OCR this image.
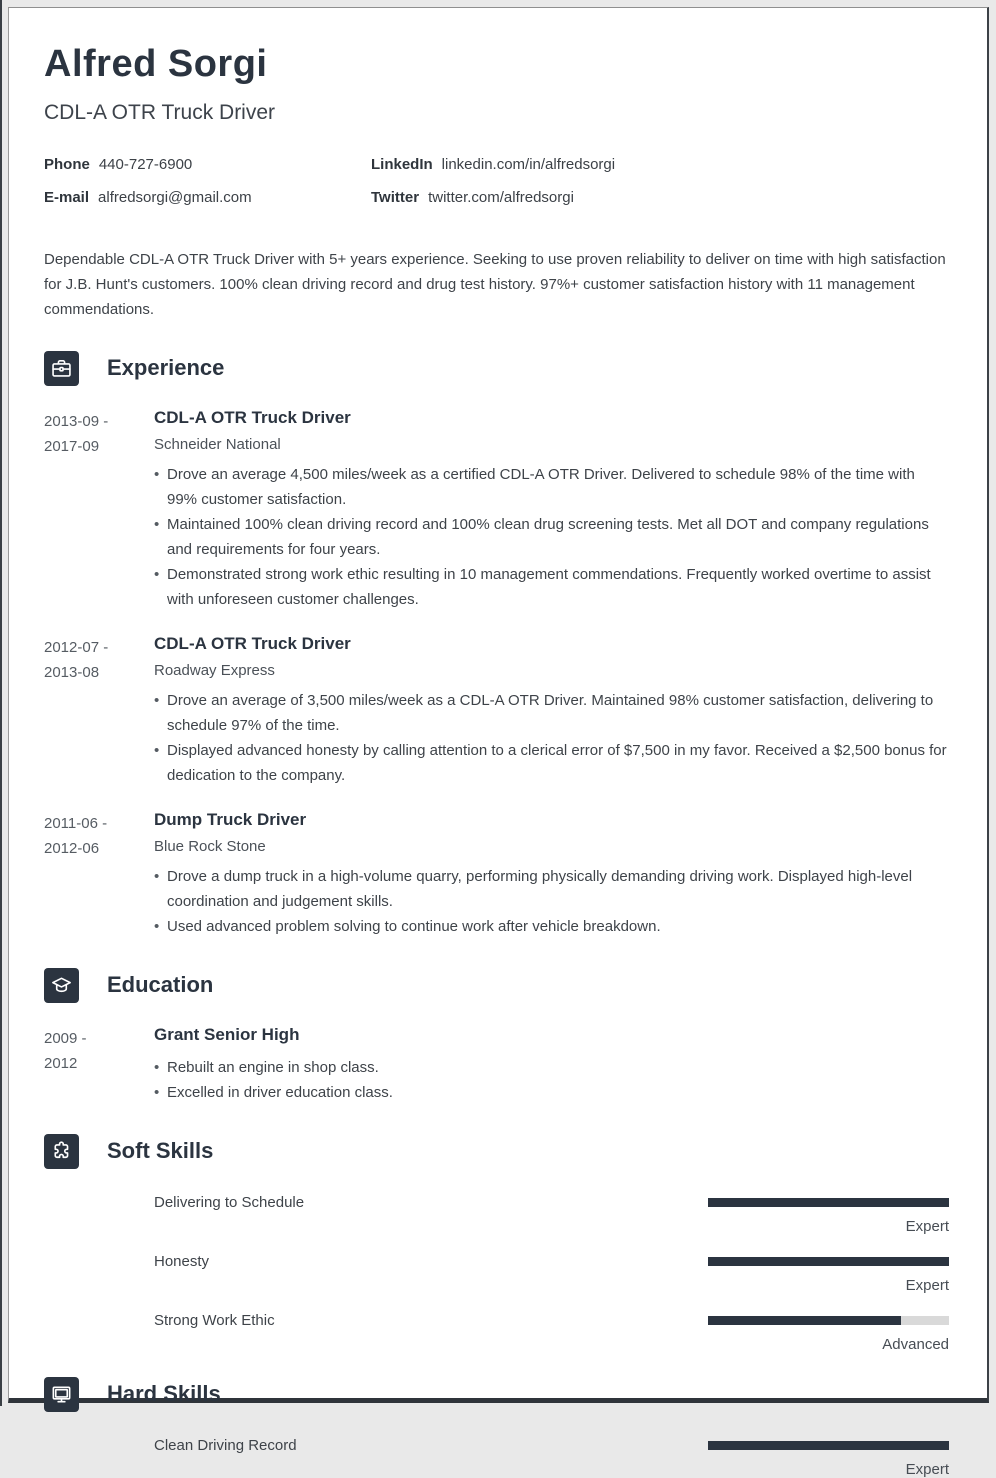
Alfred Sorgi
CDL-A OTR Truck Driver
Phone 440-727-6900	LinkedIn linkedin.com/in/alfredsorgi
E-mail alfredsorgi@gmail.com	Twitter twitter.com/alfredsorgi
Dependable CDL-A OTR Truck Driver with 5+ years experience. Seeking to use proven reliability to deliver on time with high satisfaction for J.B. Hunt's customers. 100% clean driving record and drug test history. 97%+ customer satisfaction history with 11 management commendations.
Experience
2013-09 -
2017-09
CDL-A OTR Truck Driver
Schneider National
• Drove an average 4,500 miles/week as a certified CDL-A OTR Driver. Delivered to schedule 98% of the time with 99% customer satisfaction.
• Maintained 100% clean driving record and 100% clean drug screening tests. Met all DOT and company regulations and requirements for four years.
• Demonstrated strong work ethic resulting in 10 management commendations. Frequently worked overtime to assist with unforeseen customer challenges.
2012-07 -
2013-08
CDL-A OTR Truck Driver
Roadway Express
• Drove an average of 3,500 miles/week as a CDL-A OTR Driver. Maintained 98% customer satisfaction, delivering to schedule 97% of the time.
• Displayed advanced honesty by calling attention to a clerical error of $7,500 in my favor. Received a $2,500 bonus for dedication to the company.
2011-06 -
2012-06
Dump Truck Driver
Blue Rock Stone
• Drove a dump truck in a high-volume quarry, performing physically demanding driving work. Displayed high-level coordination and judgement skills.
• Used advanced problem solving to continue work after vehicle breakdown.
Education
2009 -
2012
Grant Senior High
• Rebuilt an engine in shop class.
• Excelled in driver education class.
Soft Skills
Delivering to Schedule
Expert
Honesty
Expert
Strong Work Ethic
Advanced
Hard Skills
Clean Driving Record
Expert
